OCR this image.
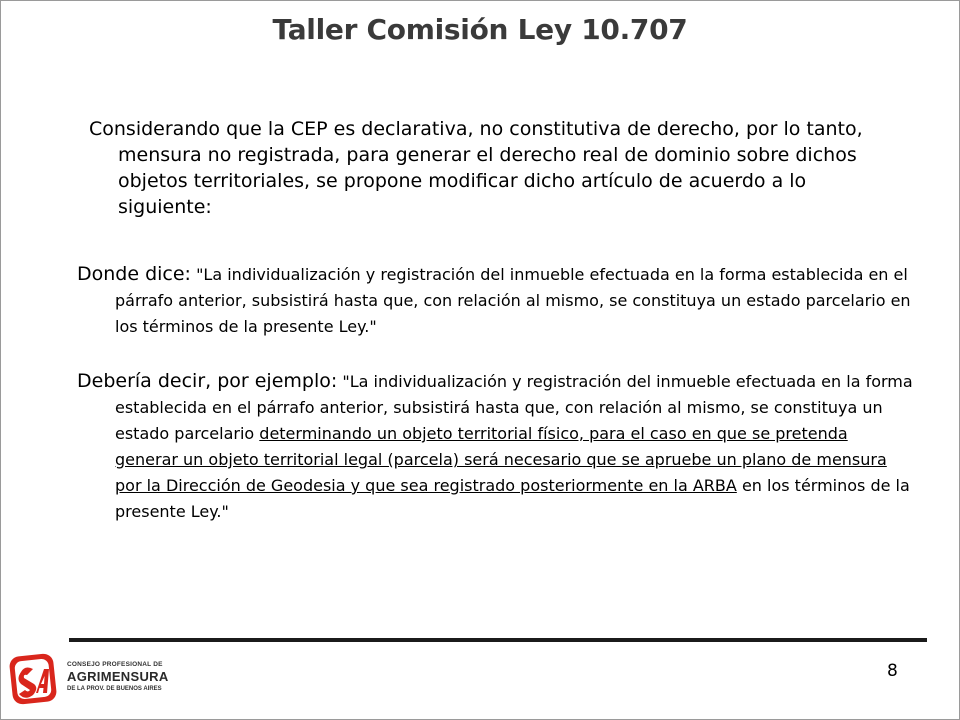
Taller Comisión Ley 10.707
Considerando que la CEP es declarativa, no constitutiva de derecho, por lo tanto, mensura no registrada, para generar el derecho real de dominio sobre dichos objetos territoriales, se propone modificar dicho artículo de acuerdo a lo siguiente:
Donde dice: "La individualización y registración del inmueble efectuada en la forma establecida en el párrafo anterior, subsistirá hasta que, con relación al mismo, se constituya un estado parcelario en los términos de la presente Ley."
Debería decir, por ejemplo: "La individualización y registración del inmueble efectuada en la forma establecida en el párrafo anterior, subsistirá hasta que, con relación al mismo, se constituya un estado parcelario determinando un objeto territorial físico, para el caso en que se pretenda generar un objeto territorial legal (parcela) será necesario que se apruebe un plano de mensura por la Dirección de Geodesia y que sea registrado posteriormente en la ARBA en los términos de la presente Ley."
CONSEJO PROFESIONAL DE
AGRIMENSURA
DE LA PROV. DE BUENOS AIRES
8
